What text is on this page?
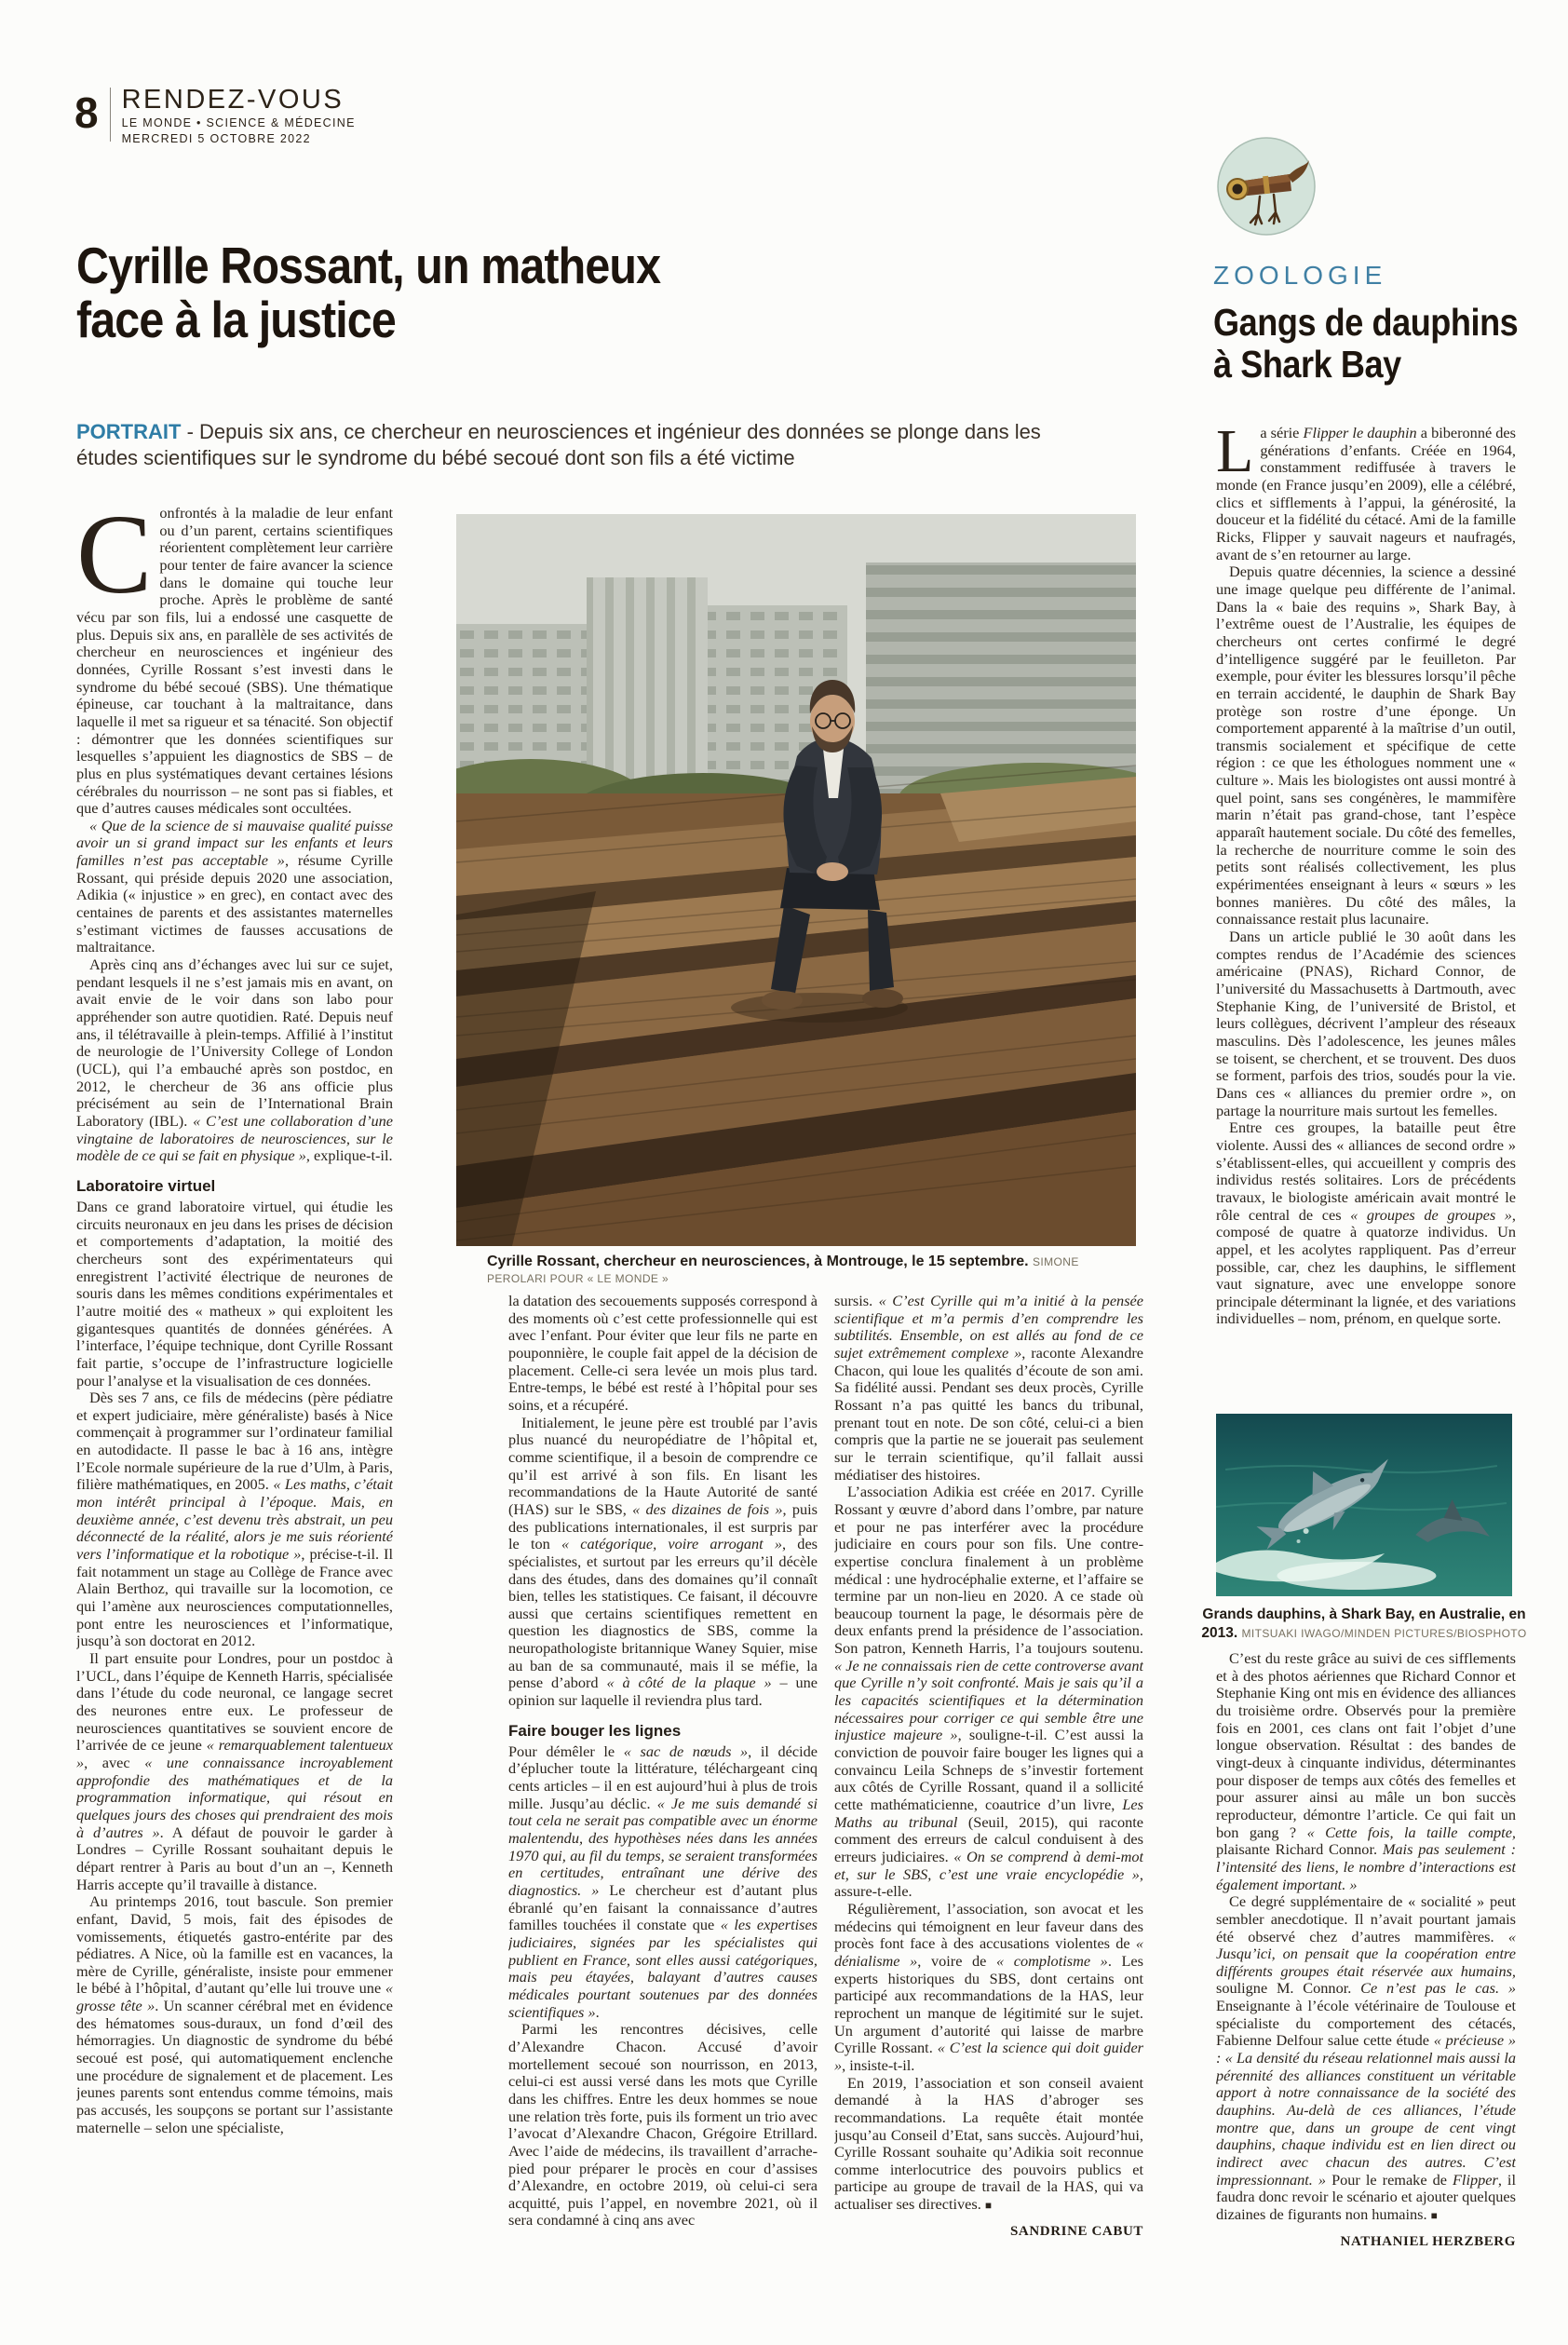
8 RENDEZ-VOUS
LE MONDE • SCIENCE & MÉDECINE
MERCREDI 5 OCTOBRE 2022
Cyrille Rossant, un matheux
face à la justice

PORTRAIT - Depuis six ans, ce chercheur en neurosciences et ingénieur des données se plonge dans les études scientifiques sur le syndrome du bébé secoué dont son fils a été victime

Confrontés à la maladie de leur enfant ou d’un parent, certains scientifiques réorientent complètement leur carrière pour tenter de faire avancer la science dans le domaine qui touche leur proche. Après le problème de santé vécu par son fils, lui a endossé une casquette de plus. Depuis six ans, en parallèle de ses activités de chercheur en neurosciences et ingénieur des données, Cyrille Rossant s’est investi dans le syndrome du bébé secoué (SBS). Une thématique épineuse, car touchant à la maltraitance, dans laquelle il met sa rigueur et sa ténacité. Son objectif : démontrer que les données scientifiques sur lesquelles s’appuient les diagnostics de SBS – de plus en plus systématiques devant certaines lésions cérébrales du nourrisson – ne sont pas si fiables, et que d’autres causes médicales sont occultées.

« Que de la science de si mauvaise qualité puisse avoir un si grand impact sur les enfants et leurs familles n’est pas acceptable », résume Cyrille Rossant, qui préside depuis 2020 une association, Adikia (« injustice » en grec), en contact avec des centaines de parents et des assistantes maternelles s’estimant victimes de fausses accusations de maltraitance.

Après cinq ans d’échanges avec lui sur ce sujet, pendant lesquels il ne s’est jamais mis en avant, on avait envie de le voir dans son labo pour appréhender son autre quotidien. Raté. Depuis neuf ans, il télétravaille à plein-temps. Affilié à l’institut de neurologie de l’University College of London (UCL), qui l’a embauché après son postdoc, en 2012, le chercheur de 36 ans officie plus précisément au sein de l’International Brain Laboratory (IBL). « C’est une collaboration d’une vingtaine de laboratoires de neurosciences, sur le modèle de ce qui se fait en physique », explique-t-il.

Laboratoire virtuel

Dans ce grand laboratoire virtuel, qui étudie les circuits neuronaux en jeu dans les prises de décision et comportements d’adaptation, la moitié des chercheurs sont des expérimentateurs qui enregistrent l’activité électrique de neurones de souris dans les mêmes conditions expérimentales et l’autre moitié des « matheux » qui exploitent les gigantesques quantités de données générées. A l’interface, l’équipe technique, dont Cyrille Rossant fait partie, s’occupe de l’infrastructure logicielle pour l’analyse et la visualisation de ces données.

Dès ses 7 ans, ce fils de médecins (père pédiatre et expert judiciaire, mère généraliste) basés à Nice commençait à programmer sur l’ordinateur familial en autodidacte. Il passe le bac à 16 ans, intègre l’Ecole normale supérieure de la rue d’Ulm, à Paris, filière mathématiques, en 2005. « Les maths, c’était mon intérêt principal à l’époque. Mais, en deuxième année, c’est devenu très abstrait, un peu déconnecté de la réalité, alors je me suis réorienté vers l’informatique et la robotique », précise-t-il. Il fait notamment un stage au Collège de France avec Alain Berthoz, qui travaille sur la locomotion, ce qui l’amène aux neurosciences computationnelles, pont entre les neurosciences et l’informatique, jusqu’à son doctorat en 2012.

Il part ensuite pour Londres, pour un postdoc à l’UCL, dans l’équipe de Kenneth Harris, spécialisée dans l’étude du code neuronal, ce langage secret des neurones entre eux. Le professeur de neurosciences quantitatives se souvient encore de l’arrivée de ce jeune « remarquablement talentueux », avec « une connaissance incroyablement approfondie des mathématiques et de la programmation informatique, qui résout en quelques jours des choses qui prendraient des mois à d’autres ». A défaut de pouvoir le garder à Londres – Cyrille Rossant souhaitant depuis le départ rentrer à Paris au bout d’un an –, Kenneth Harris accepte qu’il travaille à distance.

Au printemps 2016, tout bascule. Son premier enfant, David, 5 mois, fait des épisodes de vomissements, étiquetés gastro-entérite par des pédiatres. A Nice, où la famille est en vacances, la mère de Cyrille, généraliste, insiste pour emmener le bébé à l’hôpital, d’autant qu’elle lui trouve une « grosse tête ». Un scanner cérébral met en évidence des hématomes sous-duraux, un fond d’œil des hémorragies. Un diagnostic de syndrome du bébé secoué est posé, qui automatiquement enclenche une procédure de signalement et de placement. Les jeunes parents sont entendus comme témoins, mais pas accusés, les soupçons se portant sur l’assistante maternelle – selon une spécialiste,

Cyrille Rossant, chercheur en neurosciences, à Montrouge, le 15 septembre. SIMONE PEROLARI POUR « LE MONDE »

la datation des secouements supposés correspond à des moments où c’est cette professionnelle qui est avec l’enfant. Pour éviter que leur fils ne parte en pouponnière, le couple fait appel de la décision de placement. Celle-ci sera levée un mois plus tard. Entre-temps, le bébé est resté à l’hôpital pour ses soins, et a récupéré.

Initialement, le jeune père est troublé par l’avis plus nuancé du neuropédiatre de l’hôpital et, comme scientifique, il a besoin de comprendre ce qu’il est arrivé à son fils. En lisant les recommandations de la Haute Autorité de santé (HAS) sur le SBS, « des dizaines de fois », puis des publications internationales, il est surpris par le ton « catégorique, voire arrogant », des spécialistes, et surtout par les erreurs qu’il décèle dans des études, dans des domaines qu’il connaît bien, telles les statistiques. Ce faisant, il découvre aussi que certains scientifiques remettent en question les diagnostics de SBS, comme la neuropathologiste britannique Waney Squier, mise au ban de sa communauté, mais il se méfie, la pense d’abord « à côté de la plaque » – une opinion sur laquelle il reviendra plus tard.

Faire bouger les lignes

Pour démêler le « sac de nœuds », il décide d’éplucher toute la littérature, téléchargeant cinq cents articles – il en est aujourd’hui à plus de trois mille. Jusqu’au déclic. « Je me suis demandé si tout cela ne serait pas compatible avec un énorme malentendu, des hypothèses nées dans les années 1970 qui, au fil du temps, se seraient transformées en certitudes, entraînant une dérive des diagnostics. » Le chercheur est d’autant plus ébranlé qu’en faisant la connaissance d’autres familles touchées il constate que « les expertises judiciaires, signées par les spécialistes qui publient en France, sont elles aussi catégoriques, mais peu étayées, balayant d’autres causes médicales pourtant soutenues par des données scientifiques ».

Parmi les rencontres décisives, celle d’Alexandre Chacon. Accusé d’avoir mortellement secoué son nourrisson, en 2013, celui-ci est aussi versé dans les mots que Cyrille dans les chiffres. Entre les deux hommes se noue une relation très forte, puis ils forment un trio avec l’avocat d’Alexandre Chacon, Grégoire Etrillard. Avec l’aide de médecins, ils travaillent d’arrache-pied pour préparer le procès en cour d’assises d’Alexandre, en octobre 2019, où celui-ci sera acquitté, puis l’appel, en novembre 2021, où il sera condamné à cinq ans avec

sursis. « C’est Cyrille qui m’a initié à la pensée scientifique et m’a permis d’en comprendre les subtilités. Ensemble, on est allés au fond de ce sujet extrêmement complexe », raconte Alexandre Chacon, qui loue les qualités d’écoute de son ami. Sa fidélité aussi. Pendant ses deux procès, Cyrille Rossant n’a pas quitté les bancs du tribunal, prenant tout en note. De son côté, celui-ci a bien compris que la partie ne se jouerait pas seulement sur le terrain scientifique, qu’il fallait aussi médiatiser des histoires.

L’association Adikia est créée en 2017. Cyrille Rossant y œuvre d’abord dans l’ombre, par nature et pour ne pas interférer avec la procédure judiciaire en cours pour son fils. Une contre-expertise conclura finalement à un problème médical : une hydrocéphalie externe, et l’affaire se termine par un non-lieu en 2020. A ce stade où beaucoup tournent la page, le désormais père de deux enfants prend la présidence de l’association. Son patron, Kenneth Harris, l’a toujours soutenu. « Je ne connaissais rien de cette controverse avant que Cyrille n’y soit confronté. Mais je sais qu’il a les capacités scientifiques et la détermination nécessaires pour corriger ce qui semble être une injustice majeure », souligne-t-il. C’est aussi la conviction de pouvoir faire bouger les lignes qui a convaincu Leila Schneps de s’investir fortement aux côtés de Cyrille Rossant, quand il a sollicité cette mathématicienne, coautrice d’un livre, Les Maths au tribunal (Seuil, 2015), qui raconte comment des erreurs de calcul conduisent à des erreurs judiciaires. « On se comprend à demi-mot et, sur le SBS, c’est une vraie encyclopédie », assure-t-elle.

Régulièrement, l’association, son avocat et les médecins qui témoignent en leur faveur dans des procès font face à des accusations violentes de « dénialisme », voire de « complotisme ». Les experts historiques du SBS, dont certains ont participé aux recommandations de la HAS, leur reprochent un manque de légitimité sur le sujet. Un argument d’autorité qui laisse de marbre Cyrille Rossant. « C’est la science qui doit guider », insiste-t-il.

En 2019, l’association et son conseil avaient demandé à la HAS d’abroger ses recommandations. La requête était montée jusqu’au Conseil d’Etat, sans succès. Aujourd’hui, Cyrille Rossant souhaite qu’Adikia soit reconnue comme interlocutrice des pouvoirs publics et participe au groupe de travail de la HAS, qui va actualiser ses directives. ■

SANDRINE CABUT
ZOOLOGIE
Gangs de dauphins
à Shark Bay

La série Flipper le dauphin a biberonné des générations d’enfants. Créée en 1964, constamment rediffusée à travers le monde (en France jusqu’en 2009), elle a célébré, clics et sifflements à l’appui, la générosité, la douceur et la fidélité du cétacé. Ami de la famille Ricks, Flipper y sauvait nageurs et naufragés, avant de s’en retourner au large.

Depuis quatre décennies, la science a dessiné une image quelque peu différente de l’animal. Dans la « baie des requins », Shark Bay, à l’extrême ouest de l’Australie, les équipes de chercheurs ont certes confirmé le degré d’intelligence suggéré par le feuilleton. Par exemple, pour éviter les blessures lorsqu’il pêche en terrain accidenté, le dauphin de Shark Bay protège son rostre d’une éponge. Un comportement apparenté à la maîtrise d’un outil, transmis socialement et spécifique de cette région : ce que les éthologues nomment une « culture ». Mais les biologistes ont aussi montré à quel point, sans ses congénères, le mammifère marin n’était pas grand-chose, tant l’espèce apparaît hautement sociale. Du côté des femelles, la recherche de nourriture comme le soin des petits sont réalisés collectivement, les plus expérimentées enseignant à leurs « sœurs » les bonnes manières. Du côté des mâles, la connaissance restait plus lacunaire.

Dans un article publié le 30 août dans les comptes rendus de l’Académie des sciences américaine (PNAS), Richard Connor, de l’université du Massachusetts à Dartmouth, avec Stephanie King, de l’université de Bristol, et leurs collègues, décrivent l’ampleur des réseaux masculins. Dès l’adolescence, les jeunes mâles se toisent, se cherchent, et se trouvent. Des duos se forment, parfois des trios, soudés pour la vie. Dans ces « alliances du premier ordre », on partage la nourriture mais surtout les femelles.

Entre ces groupes, la bataille peut être violente. Aussi des « alliances de second ordre » s’établissent-elles, qui accueillent y compris des individus restés solitaires. Lors de précédents travaux, le biologiste américain avait montré le rôle central de ces « groupes de groupes », composé de quatre à quatorze individus. Un appel, et les acolytes rappliquent. Pas d’erreur possible, car, chez les dauphins, le sifflement vaut signature, avec une enveloppe sonore principale déterminant la lignée, et des variations individuelles – nom, prénom, en quelque sorte.

Grands dauphins, à Shark Bay, en Australie, en 2013. MITSUAKI IWAGO/MINDEN PICTURES/BIOSPHOTO

C’est du reste grâce au suivi de ces sifflements et à des photos aériennes que Richard Connor et Stephanie King ont mis en évidence des alliances du troisième ordre. Observés pour la première fois en 2001, ces clans ont fait l’objet d’une longue observation. Résultat : des bandes de vingt-deux à cinquante individus, déterminantes pour disposer de temps aux côtés des femelles et pour assurer ainsi au mâle un bon succès reproducteur, démontre l’article. Ce qui fait un bon gang ? « Cette fois, la taille compte, plaisante Richard Connor. Mais pas seulement : l’intensité des liens, le nombre d’interactions est également important. »

Ce degré supplémentaire de « socialité » peut sembler anecdotique. Il n’avait pourtant jamais été observé chez d’autres mammifères. « Jusqu’ici, on pensait que la coopération entre différents groupes était réservée aux humains, souligne M. Connor. Ce n’est pas le cas. » Enseignante à l’école vétérinaire de Toulouse et spécialiste du comportement des cétacés, Fabienne Delfour salue cette étude « précieuse » : « La densité du réseau relationnel mais aussi la pérennité des alliances constituent un véritable apport à notre connaissance de la société des dauphins. Au-delà de ces alliances, l’étude montre que, dans un groupe de cent vingt dauphins, chaque individu est en lien direct ou indirect avec chacun des autres. C’est impressionnant. » Pour le remake de Flipper, il faudra donc revoir le scénario et ajouter quelques dizaines de figurants non humains. ■

NATHANIEL HERZBERG
